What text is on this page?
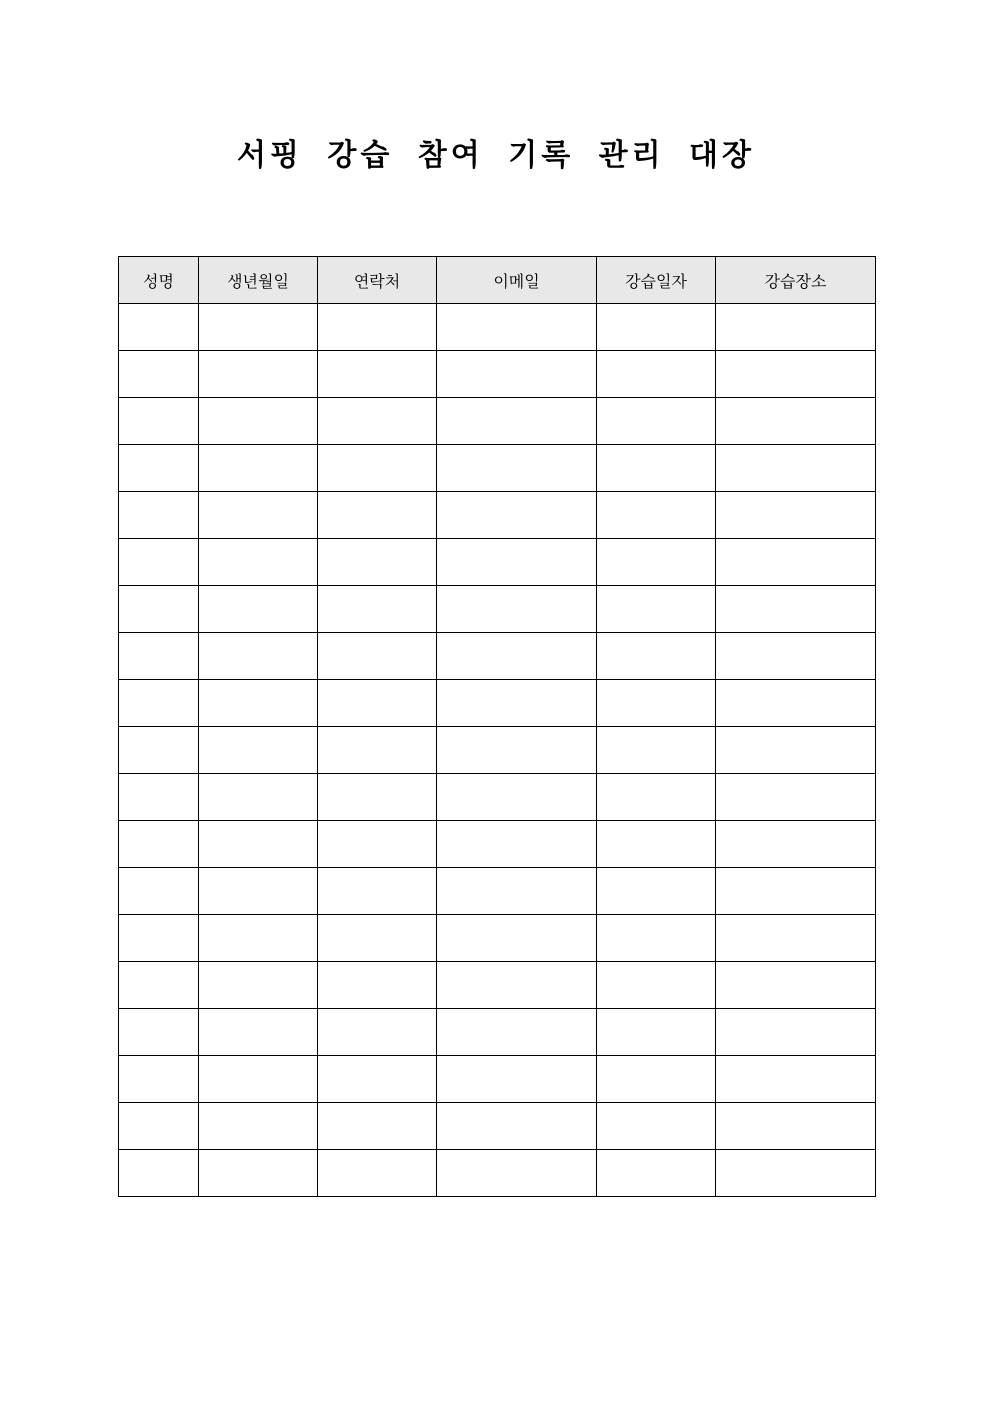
서핑 강습 참여 기록 관리 대장
성명	생년월일	연락처	이메일	강습일자	강습장소
